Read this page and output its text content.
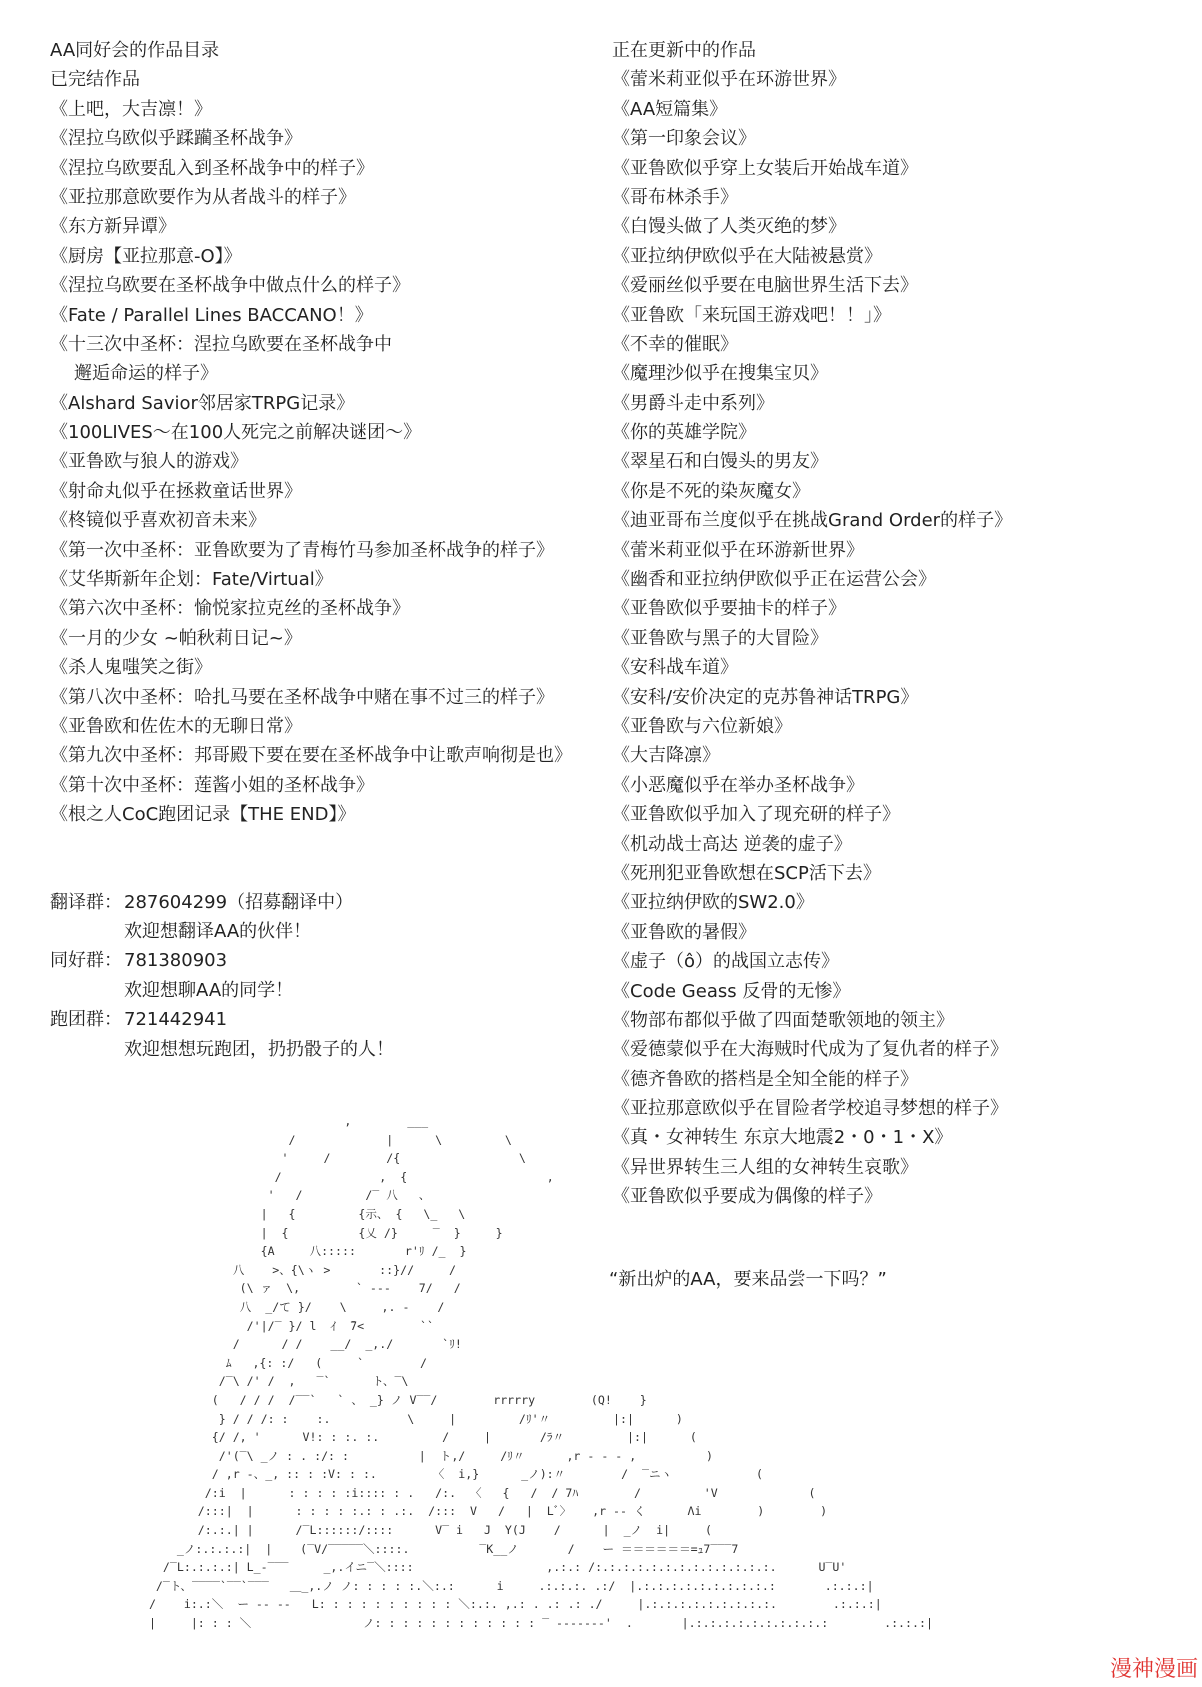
AA同好会的作品目录
已完结作品
《上吧，大吉凛！》
《涅拉乌欧似乎蹂躏圣杯战争》
《涅拉乌欧要乱入到圣杯战争中的样子》
《亚拉那意欧要作为从者战斗的样子》
《东方新异谭》
《厨房【亚拉那意-O】》
《涅拉乌欧要在圣杯战争中做点什么的样子》
《Fate / Parallel Lines BACCANO！》
《十三次中圣杯：涅拉乌欧要在圣杯战争中
邂逅命运的样子》
《Alshard Savior邻居家TRPG记录》
《100LIVES～在100人死完之前解决谜团～》
《亚鲁欧与狼人的游戏》
《射命丸似乎在拯救童话世界》
《柊镜似乎喜欢初音未来》
《第一次中圣杯：亚鲁欧要为了青梅竹马参加圣杯战争的样子》
《艾华斯新年企划：Fate/Virtual》
《第六次中圣杯：愉悦家拉克丝的圣杯战争》
《一月的少女 ~帕秋莉日记~》
《杀人鬼嗤笑之街》
《第八次中圣杯：哈扎马要在圣杯战争中赌在事不过三的样子》
《亚鲁欧和佐佐木的无聊日常》
《第九次中圣杯：邦哥殿下要在要在圣杯战争中让歌声响彻是也》
《第十次中圣杯：莲酱小姐的圣杯战争》
《根之人CoC跑团记录【THE END】》
翻译群： 287604299（招募翻译中）
欢迎想翻译AA的伙伴！
同好群： 781380903
欢迎想聊AA的同学！
跑团群： 721442941
欢迎想想玩跑团，扔扔骰子的人！
正在更新中的作品
《蕾米莉亚似乎在环游世界》
《AA短篇集》
《第一印象会议》
《亚鲁欧似乎穿上女装后开始战车道》
《哥布林杀手》
《白馒头做了人类灭绝的梦》
《亚拉纳伊欧似乎在大陆被悬赏》
《爱丽丝似乎要在电脑世界生活下去》
《亚鲁欧「来玩国王游戏吧！！」》
《不幸的催眠》
《魔理沙似乎在搜集宝贝》
《男爵斗走中系列》
《你的英雄学院》
《翠星石和白馒头的男友》
《你是不死的染灰魔女》
《迪亚哥布兰度似乎在挑战Grand Order的样子》
《蕾米莉亚似乎在环游新世界》
《幽香和亚拉纳伊欧似乎正在运营公会》
《亚鲁欧似乎要抽卡的样子》
《亚鲁欧与黑子的大冒险》
《安科战车道》
《安科/安价决定的克苏鲁神话TRPG》
《亚鲁欧与六位新娘》
《大吉降凛》
《小恶魔似乎在举办圣杯战争》
《亚鲁欧似乎加入了现充研的样子》
《机动战士高达 逆袭的虚子》
《死刑犯亚鲁欧想在SCP活下去》
《亚拉纳伊欧的SW2.0》
《亚鲁欧的暑假》
《虚子（ô）的战国立志传》
《Code Geass 反骨的无惨》
《物部布都似乎做了四面楚歌领地的领主》
《爱德蒙似乎在大海贼时代成为了复仇者的样子》
《德齐鲁欧的搭档是全知全能的样子》
《亚拉那意欧似乎在冒险者学校追寻梦想的样子》
《真・女神转生 东京大地震2・0・1・X》
《异世界转生三人组的女神转生哀歌》
《亚鲁欧似乎要成为偶像的样子》
“新出炉的AA，要来品尝一下吗？”
,        ___
/             |      \         \
'     /        /{                 \
/              ,  {                    ,
'   /         /‾ 八   、
|   {         {示、 {   \_   \
|  {          {乂 /}     ‾  }     }
{A     八:::::       r'ﾘ /_  }
八    >、{\ヽ >       ::}//     /
(\ ァ  \,        ` ‐--    7/   /
八  _/て }/    \     ,. ‐    /
/'|/‾ }/ l  ｲ  ̄7<        ``
/      / /    __/  _,./       `ﾘ!
ﾑ   ,{: :/   (     `        /
/‾\ /' /  ,   ‾`      ト、‾\
(   / / /  /‾‾`   ` 、 _} ノ V‾‾/        rrrrry        (Q!    }
} / / /: :    :.           \     |         /ﾘ'〃         |:|      )
{/ /, '      V!: : :. :.         /     |       /ﾗ〃         |:|      (
/'(‾\ _ノ : . :/: :          |  ト,/     /ﾘ〃      ,r ‐ ‐ ‐ ,          )
/ ,r ‐、_, :: : :V: : :.        〈  i,}      _ノ):〃        /  ‾ニヽ            (
/:i  |      : : : : :i:::: : .   /:.  〈   {   /  / 7ﾊ        /         'V             (
/:::|  |      : : : : :.: : .:.  /:::  V   /   |  Lﾞ〉   ,r ‐‐ く      Λi        )        )
/:.:.| |      /‾L::::::/::::      V‾ i   J  Y(J    /      |  _ノ  i|     (
_ノ:.:.:.:|  |    (‾V/‾‾‾‾‾＼::::.          ‾K__ノ       /    ー ＝＝＝＝＝＝=ｭ7‾‾‾7
/‾L:.:.:.:| L_-‾‾‾     _,.イニ‾＼::::                   ,.:.: /:.:.:.:.:.:.:.:.:.:.:.:.:.      U‾U'
/‾ト、‾‾‾‾`‾‾`‾‾‾   ＿_,.ノ ノ: : : : :.＼:.:      i     .:.:.:. .:/  |.:.:.:.:.:.:.:.:.:.:       .:.:.:|
/    i:.:＼  ー ‐‐ ‐‐   L: : : : : : : : : : ＼:.:. ,.: . .: .: ./     |.:.:.:.:.:.:.:.:.:.        .:.:.:|
|     |: : : ＼                ノ: : : : : : : : : : : : ‾ ‐‐‐‐‐‐‐'  .       |.:.:.:.:.:.:.:.:.:.:        .:.:.:|

漫神漫画
